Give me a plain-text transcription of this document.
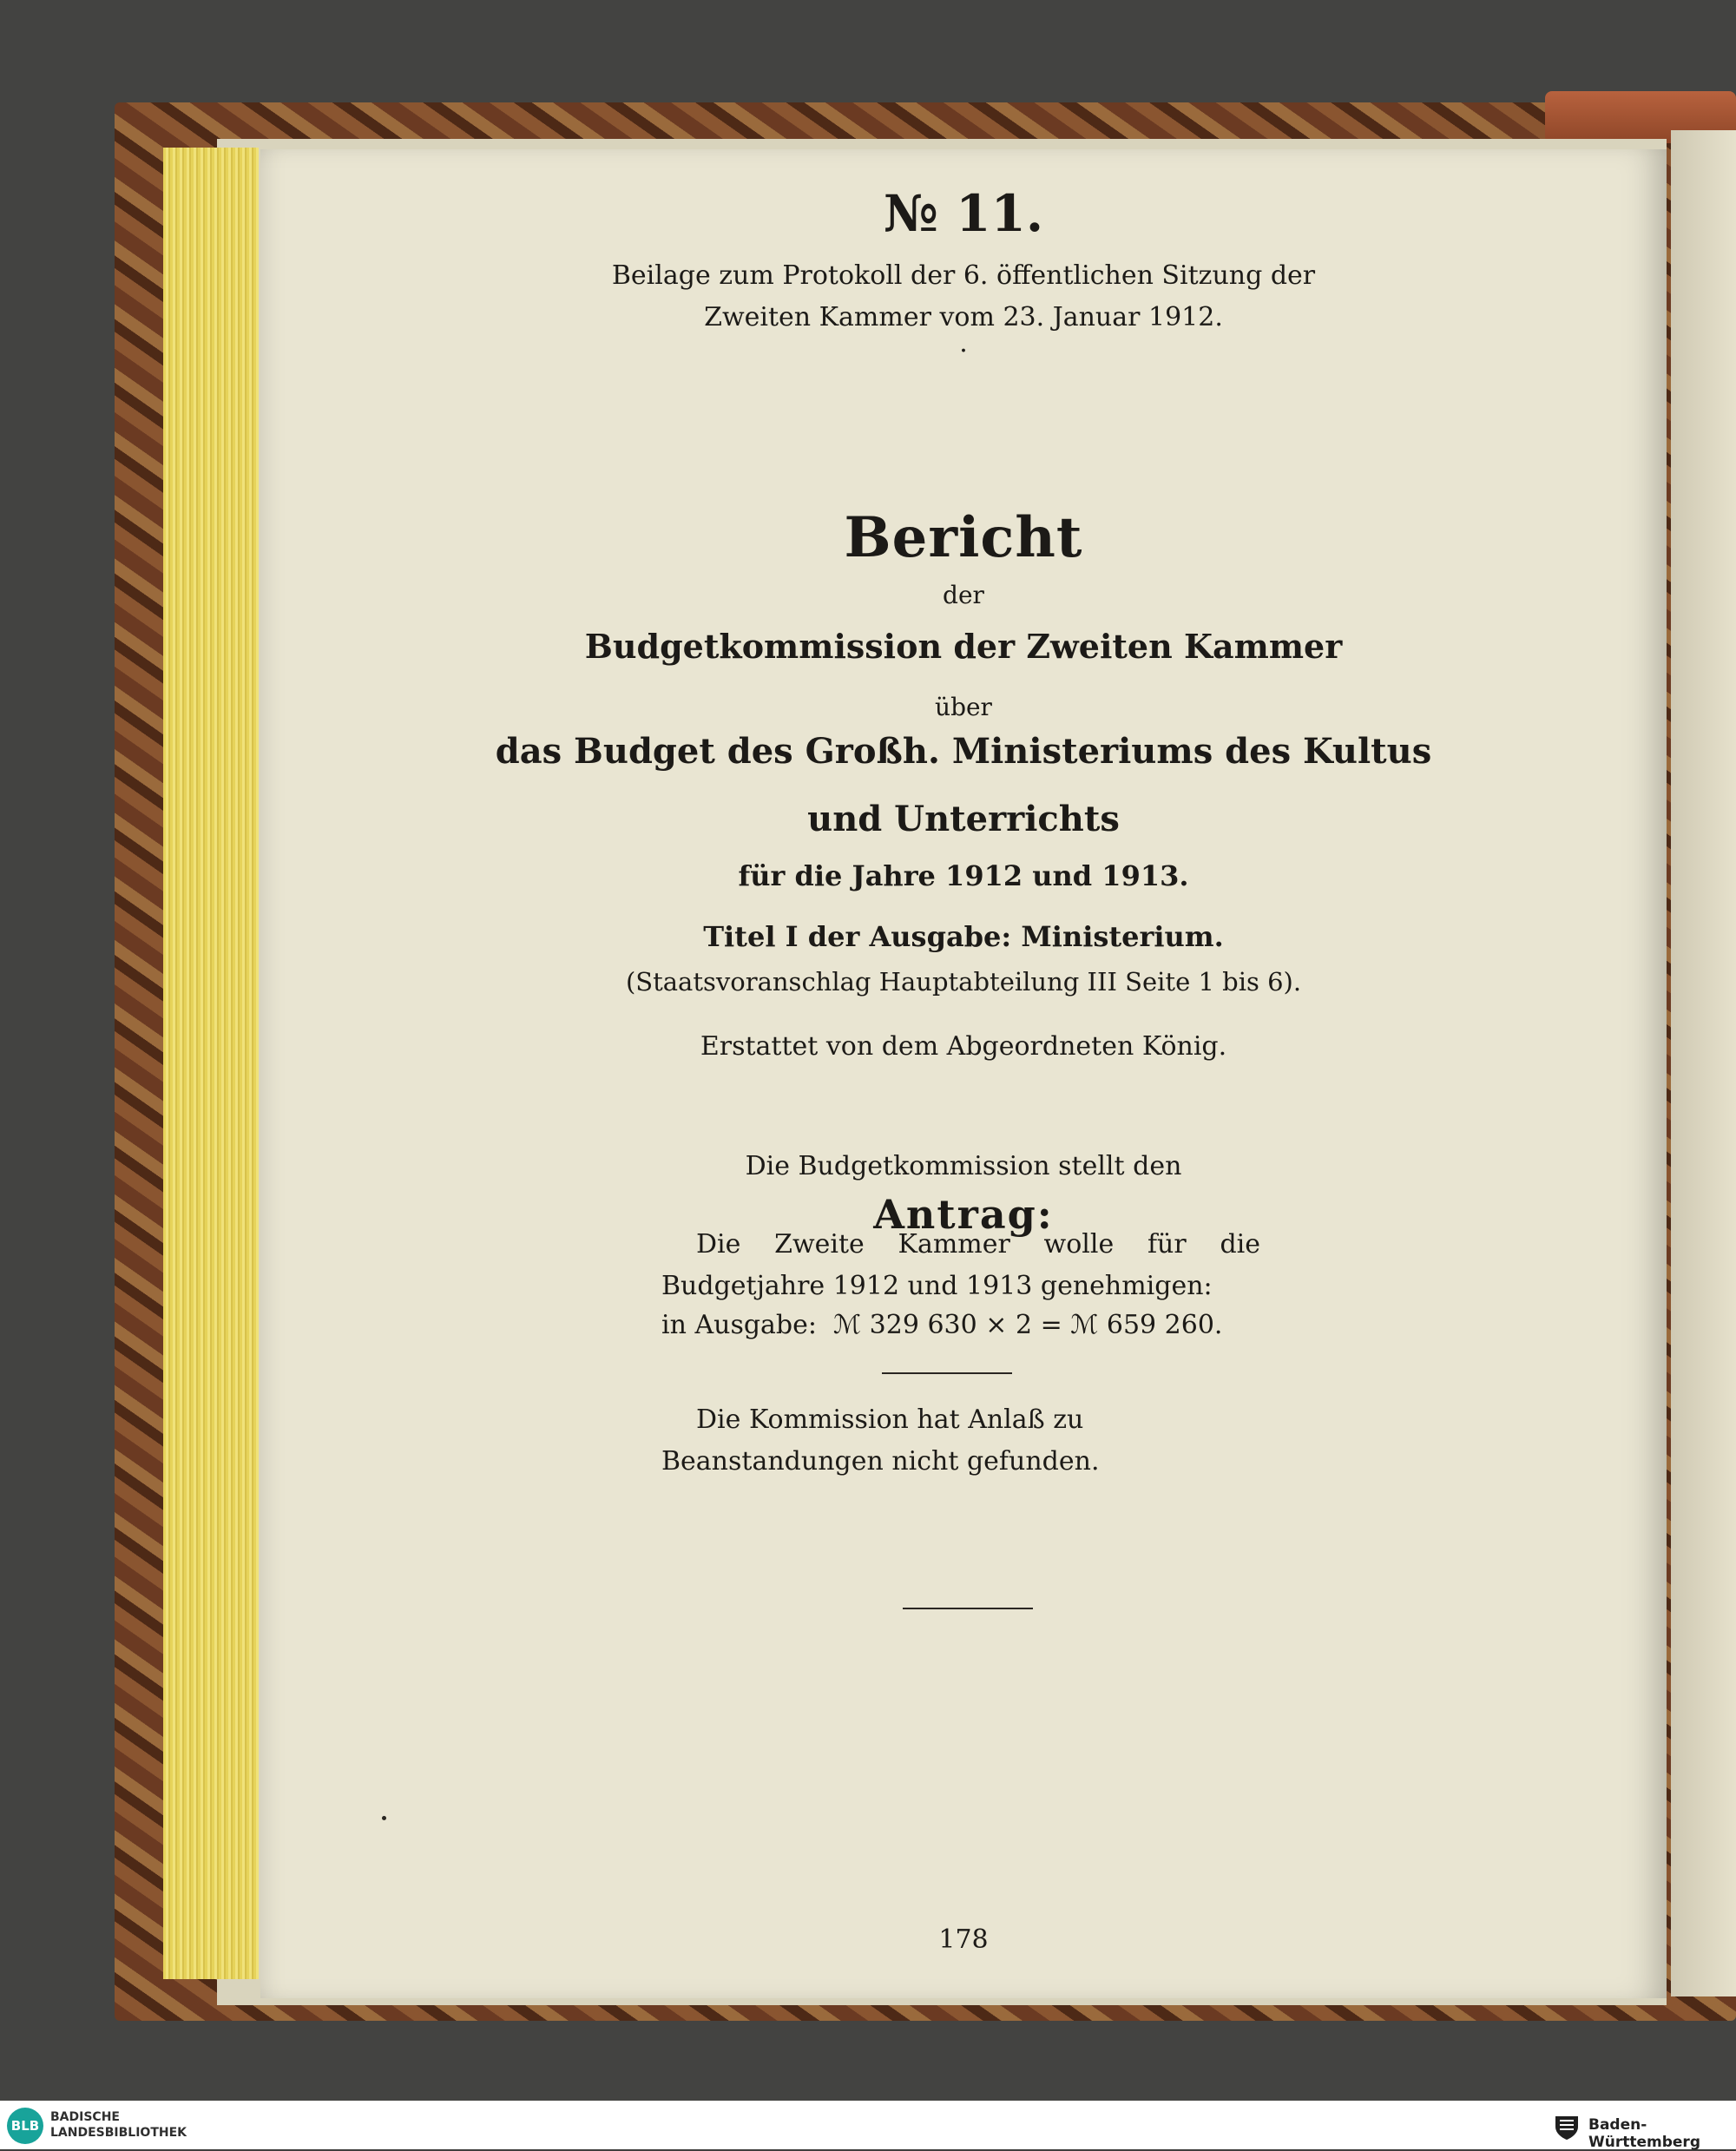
№ 11.
Beilage zum Protokoll der 6. öffentlichen Sitzung der
Zweiten Kammer vom 23. Januar 1912.
·
Bericht
der
Budgetkommission der Zweiten Kammer
über
das Budget des Großh. Ministeriums des Kultus
und Unterrichts
für die Jahre 1912 und 1913.
Titel I der Ausgabe: Ministerium.
(Staatsvoranschlag Hauptabteilung III Seite 1 bis 6).
Erstattet von dem Abgeordneten König.
Die Budgetkommission stellt den
Antrag:
Die Zweite Kammer wolle für die Budgetjahre 1912 und 1913 genehmigen:
in Ausgabe:  ℳ 329 630 × 2 = ℳ 659 260.
Die Kommission hat Anlaß zu Beanstandungen nicht gefunden.
178
BLB
BADISCHE
LANDESBIBLIOTHEK	Baden-Württemberg
